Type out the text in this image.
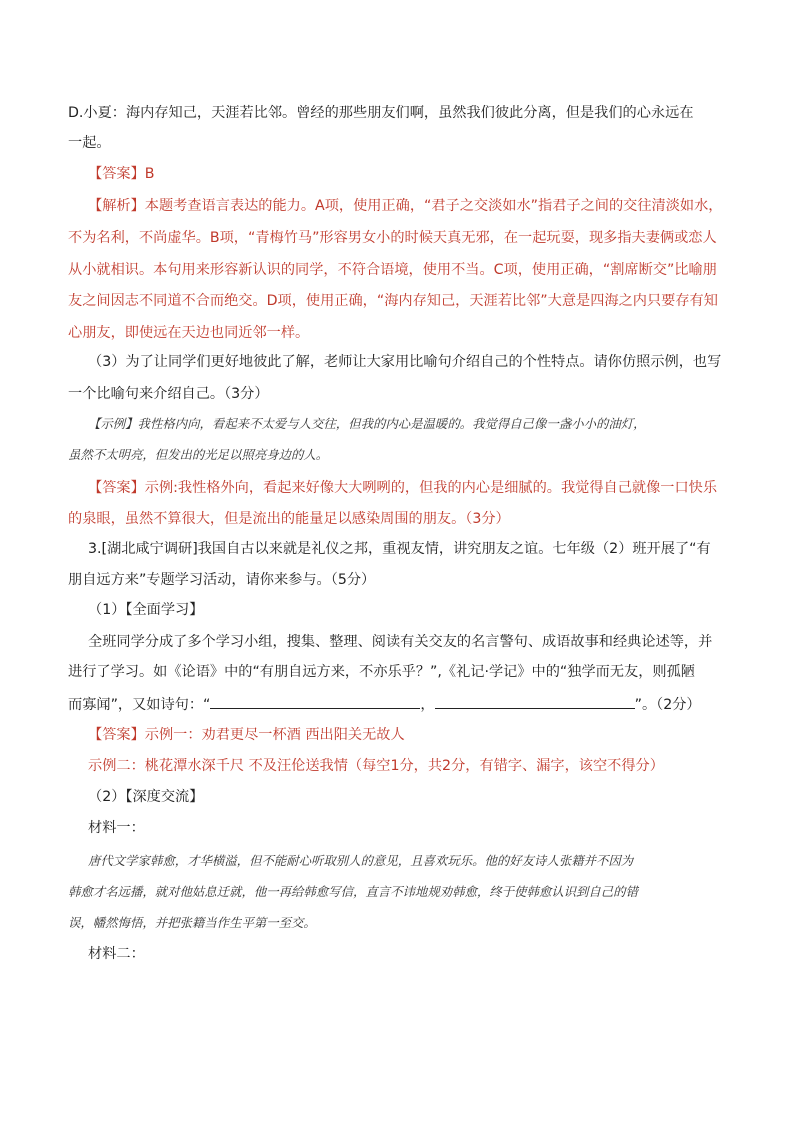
D.小夏：海内存知己，天涯若比邻。曾经的那些朋友们啊，虽然我们彼此分离，但是我们的心永远在
一起。
【答案】B
【解析】本题考查语言表达的能力。A项，使用正确，“君子之交淡如水”指君子之间的交往清淡如水，
不为名利，不尚虚华。B项，“青梅竹马”形容男女小的时候天真无邪，在一起玩耍，现多指夫妻俩或恋人
从小就相识。本句用来形容新认识的同学，不符合语境，使用不当。C项，使用正确，“割席断交”比喻朋
友之间因志不同道不合而绝交。D项，使用正确，“海内存知己，天涯若比邻”大意是四海之内只要存有知
心朋友，即使远在天边也同近邻一样。
（3）为了让同学们更好地彼此了解，老师让大家用比喻句介绍自己的个性特点。请你仿照示例，也写
一个比喻句来介绍自己。（3分）
【示例】我性格内向，看起来不太爱与人交往，但我的内心是温暖的。我觉得自己像一盏小小的油灯，
虽然不太明亮，但发出的光足以照亮身边的人。
【答案】示例:我性格外向，看起来好像大大咧咧的，但我的内心是细腻的。我觉得自己就像一口快乐
的泉眼，虽然不算很大，但是流出的能量足以感染周围的朋友。（3分）
3.[湖北咸宁调研]我国自古以来就是礼仪之邦，重视友情，讲究朋友之谊。七年级（2）班开展了“有
朋自远方来”专题学习活动，请你来参与。（5分）
（1）【全面学习】
全班同学分成了多个学习小组，搜集、整理、阅读有关交友的名言警句、成语故事和经典论述等，并
进行了学习。如《论语》中的“有朋自远方来，不亦乐乎？”,《礼记·学记》中的“独学而无友，则孤陋
而寡闻”，又如诗句：“	，	”。（2分）
【答案】示例一：劝君更尽一杯酒 西出阳关无故人
示例二：桃花潭水深千尺 不及汪伦送我情（每空1分，共2分，有错字、漏字，该空不得分）
（2）【深度交流】
材料一：
唐代文学家韩愈，才华横溢，但不能耐心听取别人的意见，且喜欢玩乐。他的好友诗人张籍并不因为
韩愈才名远播，就对他姑息迁就，他一再给韩愈写信，直言不讳地规劝韩愈，终于使韩愈认识到自己的错
误，幡然悔悟，并把张籍当作生平第一至交。
材料二：
